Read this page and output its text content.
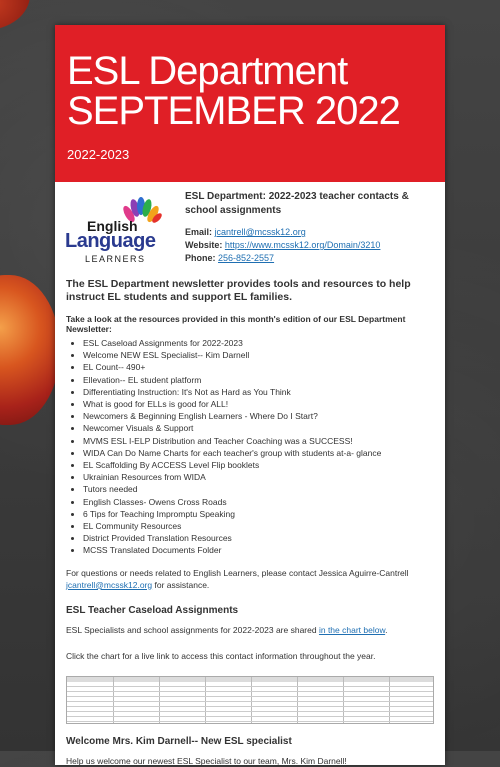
ESL Department
SEPTEMBER 2022
2022-2023
English
Language
LEARNERS
ESL Department: 2022-2023 teacher contacts & school assignments

Email: jcantrell@mcssk12.org

Website: https://www.mcssk12.org/Domain/3210

Phone: 256-852-2557

The ESL Department newsletter provides tools and resources to help instruct EL students and support EL families.

Take a look at the resources provided in this month's edition of our ESL Department Newsletter:

• ESL Caseload Assignments for 2022-2023
• Welcome NEW ESL Specialist-- Kim Darnell
• EL Count-- 490+
• Ellevation-- EL student platform
• Differentiating Instruction: It's Not as Hard as You Think
• What is good for ELLs is good for ALL!
• Newcomers & Beginning English Learners - Where Do I Start?
• Newcomer Visuals & Support
• MVMS ESL I-ELP Distribution and Teacher Coaching was a SUCCESS!
• WIDA Can Do Name Charts for each teacher's group with students at-a- glance
• EL Scaffolding By ACCESS Level Flip booklets
• Ukrainian Resources from WIDA
• Tutors needed
• English Classes- Owens Cross Roads
• 6 Tips for Teaching Impromptu Speaking
• EL Community Resources
• District Provided Translation Resources
• MCSS Translated Documents Folder

For questions or needs related to English Learners, please contact Jessica Aguirre-Cantrell
jcantrell@mcssk12.org for assistance.

ESL Teacher Caseload Assignments

ESL Specialists and school assignments for 2022-2023 are shared in the chart below.

Click the chart for a live link to access this contact information throughout the year.

Welcome Mrs. Kim Darnell-- New ESL specialist

Help us welcome our newest ESL Specialist to our team, Mrs. Kim Darnell!
